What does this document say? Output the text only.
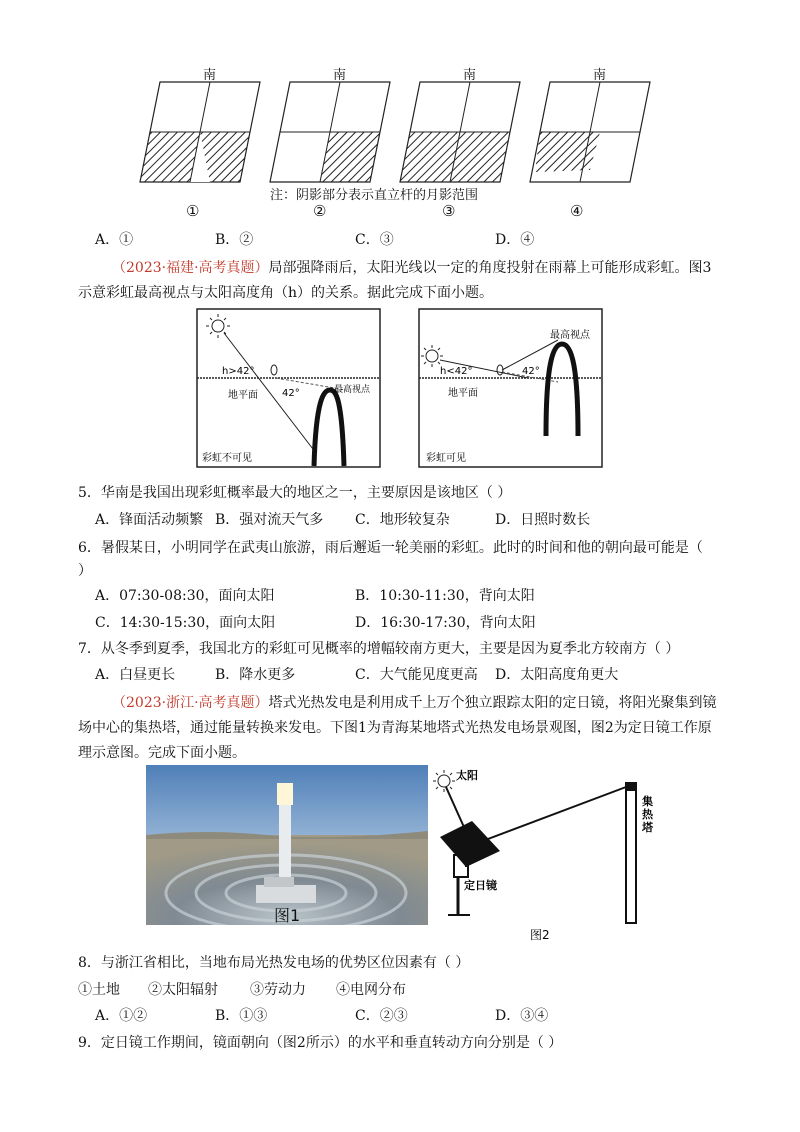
南	南	南	南
注：阴影部分表示直立杆的月影范围
①	②	③	④
A．①	B．②	C．③	D．④
（2023·福建·高考真题）局部强降雨后，太阳光线以一定的角度投射在雨幕上可能形成彩虹。图3
示意彩虹最高视点与太阳高度角（h）的关系。据此完成下面小题。
h>42°
42°
地平面	最高视点
彩虹不可见
h<42°	42°
地平面
最高视点
彩虹可见
5．华南是我国出现彩虹概率最大的地区之一，主要原因是该地区（ ）
A．锋面活动频繁 B．强对流天气多 C．地形较复杂	D．日照时数长
6．暑假某日，小明同学在武夷山旅游，雨后邂逅一轮美丽的彩虹。此时的时间和他的朝向最可能是（
）
A．07:30-08:30，面向太阳	B．10:30-11:30，背向太阳
C．14:30-15:30，面向太阳	D．16:30-17:30，背向太阳
7．从冬季到夏季，我国北方的彩虹可见概率的增幅较南方更大，主要是因为夏季北方较南方（ ）
A．白昼更长	B．降水更多	C．大气能见度更高 D．太阳高度角更大
（2023·浙江·高考真题）塔式光热发电是利用成千上万个独立跟踪太阳的定日镜，将阳光聚集到镜
场中心的集热塔，通过能量转换来发电。下图1为青海某地塔式光热发电场景观图，图2为定日镜工作原
理示意图。完成下面小题。
图1
太阳
定日镜
集
热
塔
图2
8．与浙江省相比，当地布局光热发电场的优势区位因素有（ ）
①土地 ②太阳辐射 ③劳动力 ④电网分布
A．①②	B．①③	C．②③	D．③④
9．定日镜工作期间，镜面朝向（图2所示）的水平和垂直转动方向分别是（ ）
